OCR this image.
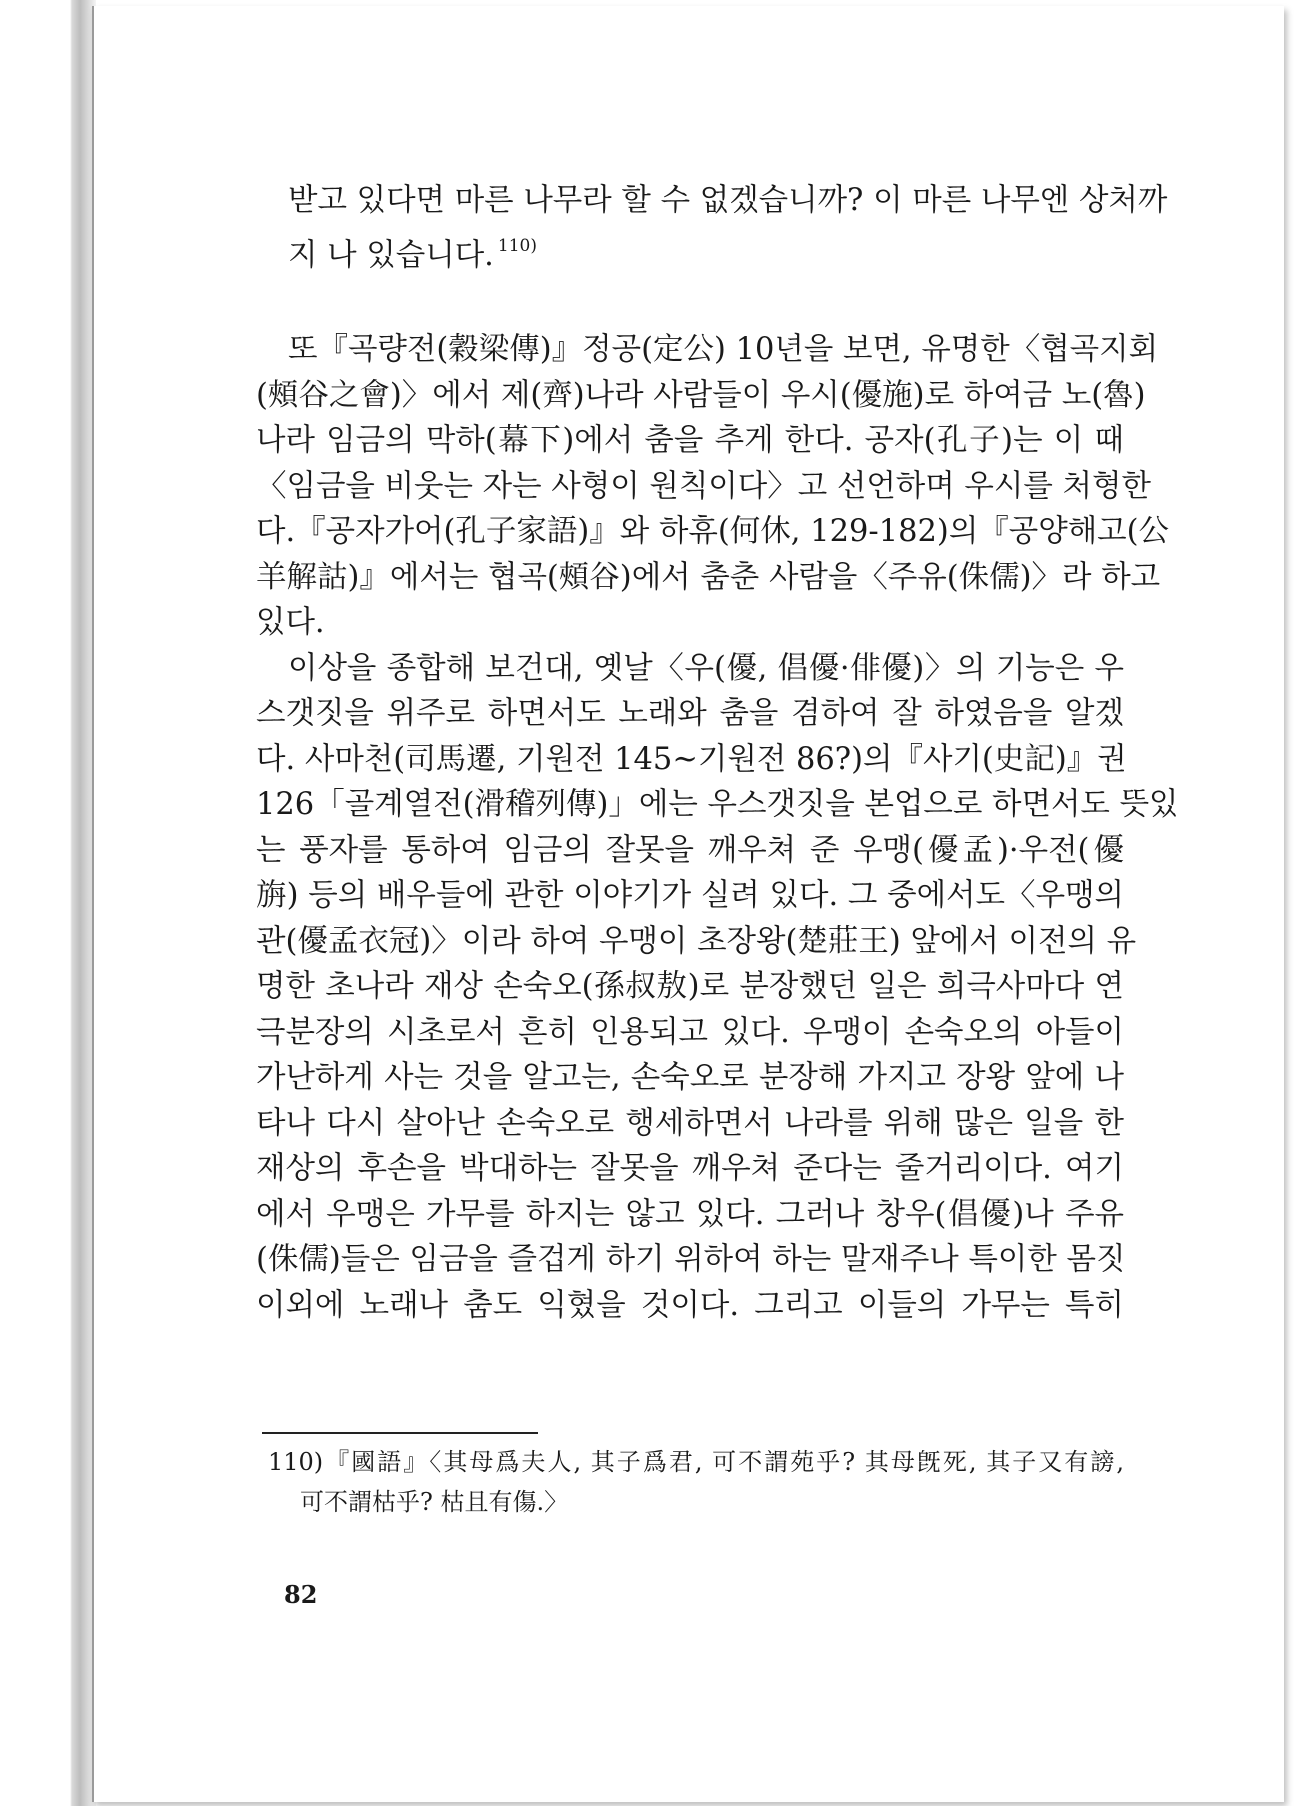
받고 있다면 마른 나무라 할 수 없겠습니까? 이 마른 나무엔 상처까
지 나 있습니다. $^{110)}$
또『곡량전(穀梁傳)』정공(定公) 10년을 보면, 유명한〈협곡지회
(頰谷之會)〉에서 제(齊)나라 사람들이 우시(優施)로 하여금 노(魯)
나라 임금의 막하(幕下)에서 춤을 추게 한다. 공자(孔子)는 이 때
〈임금을 비웃는 자는 사형이 원칙이다〉고 선언하며 우시를 처형한
다.『공자가어(孔子家語)』와 하휴(何休, 129-182)의『공양해고(公
羊解詁)』에서는 협곡(頰谷)에서 춤춘 사람을〈주유(侏儒)〉라 하고
있다.
이상을 종합해 보건대, 옛날〈우(優, 倡優·俳優)〉의 기능은 우
스갯짓을 위주로 하면서도 노래와 춤을 겸하여 잘 하였음을 알겠
다. 사마천(司馬遷, 기원전 145~기원전 86?)의『사기(史記)』권
126「골계열전(滑稽列傳)」에는 우스갯짓을 본업으로 하면서도 뜻있
는 풍자를 통하여 임금의 잘못을 깨우쳐 준 우맹(優孟)·우전(優
旃) 등의 배우들에 관한 이야기가 실려 있다. 그 중에서도〈우맹의
관(優孟衣冠)〉이라 하여 우맹이 초장왕(楚莊王) 앞에서 이전의 유
명한 초나라 재상 손숙오(孫叔敖)로 분장했던 일은 희극사마다 연
극분장의 시초로서 흔히 인용되고 있다. 우맹이 손숙오의 아들이
가난하게 사는 것을 알고는, 손숙오로 분장해 가지고 장왕 앞에 나
타나 다시 살아난 손숙오로 행세하면서 나라를 위해 많은 일을 한
재상의 후손을 박대하는 잘못을 깨우쳐 준다는 줄거리이다. 여기
에서 우맹은 가무를 하지는 않고 있다. 그러나 창우(倡優)나 주유
(侏儒)들은 임금을 즐겁게 하기 위하여 하는 말재주나 특이한 몸짓
이외에 노래나 춤도 익혔을 것이다. 그리고 이들의 가무는 특히
110)『國語』〈其母爲夫人, 其子爲君, 可不謂苑乎? 其母旣死, 其子又有謗,
可不謂枯乎? 枯且有傷.〉
82
